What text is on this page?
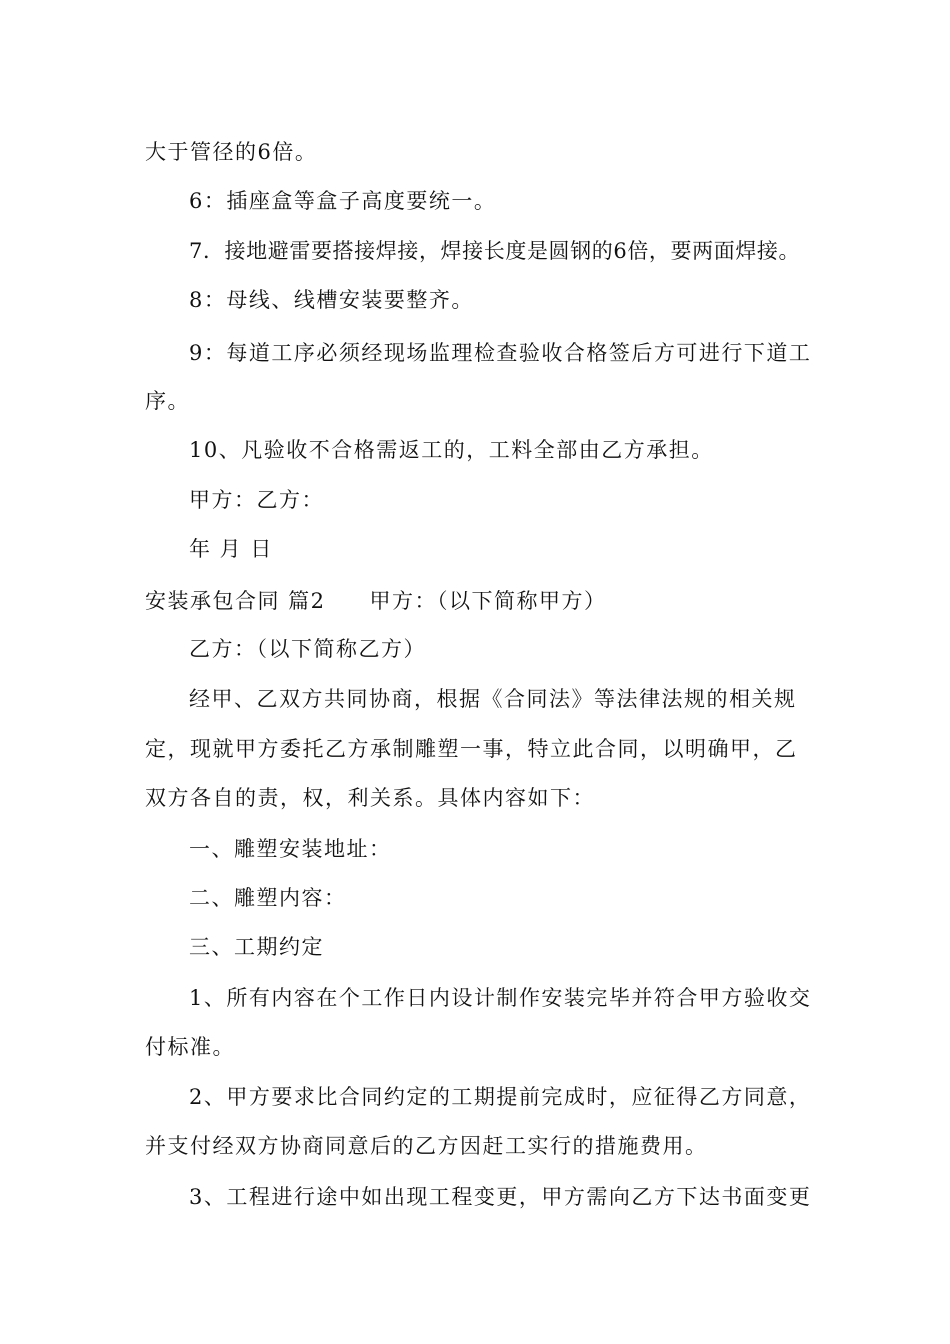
大于管径的6倍。
6：插座盒等盒子高度要统一。
7．接地避雷要搭接焊接，焊接长度是圆钢的6倍，要两面焊接。
8：母线、线槽安装要整齐。
9：每道工序必须经现场监理检查验收合格签后方可进行下道工
序。
10、凡验收不合格需返工的，工料全部由乙方承担。
甲方：乙方：
年 月 日
安装承包合同 篇2 甲方：（以下简称甲方）
乙方：（以下简称乙方）
经甲、乙双方共同协商，根据《合同法》等法律法规的相关规
定，现就甲方委托乙方承制雕塑一事，特立此合同，以明确甲，乙
双方各自的责，权，利关系。具体内容如下：
一、雕塑安装地址：
二、雕塑内容：
三、工期约定
1、所有内容在个工作日内设计制作安装完毕并符合甲方验收交
付标准。
2、甲方要求比合同约定的工期提前完成时，应征得乙方同意，
并支付经双方协商同意后的乙方因赶工实行的措施费用。
3、工程进行途中如出现工程变更，甲方需向乙方下达书面变更
